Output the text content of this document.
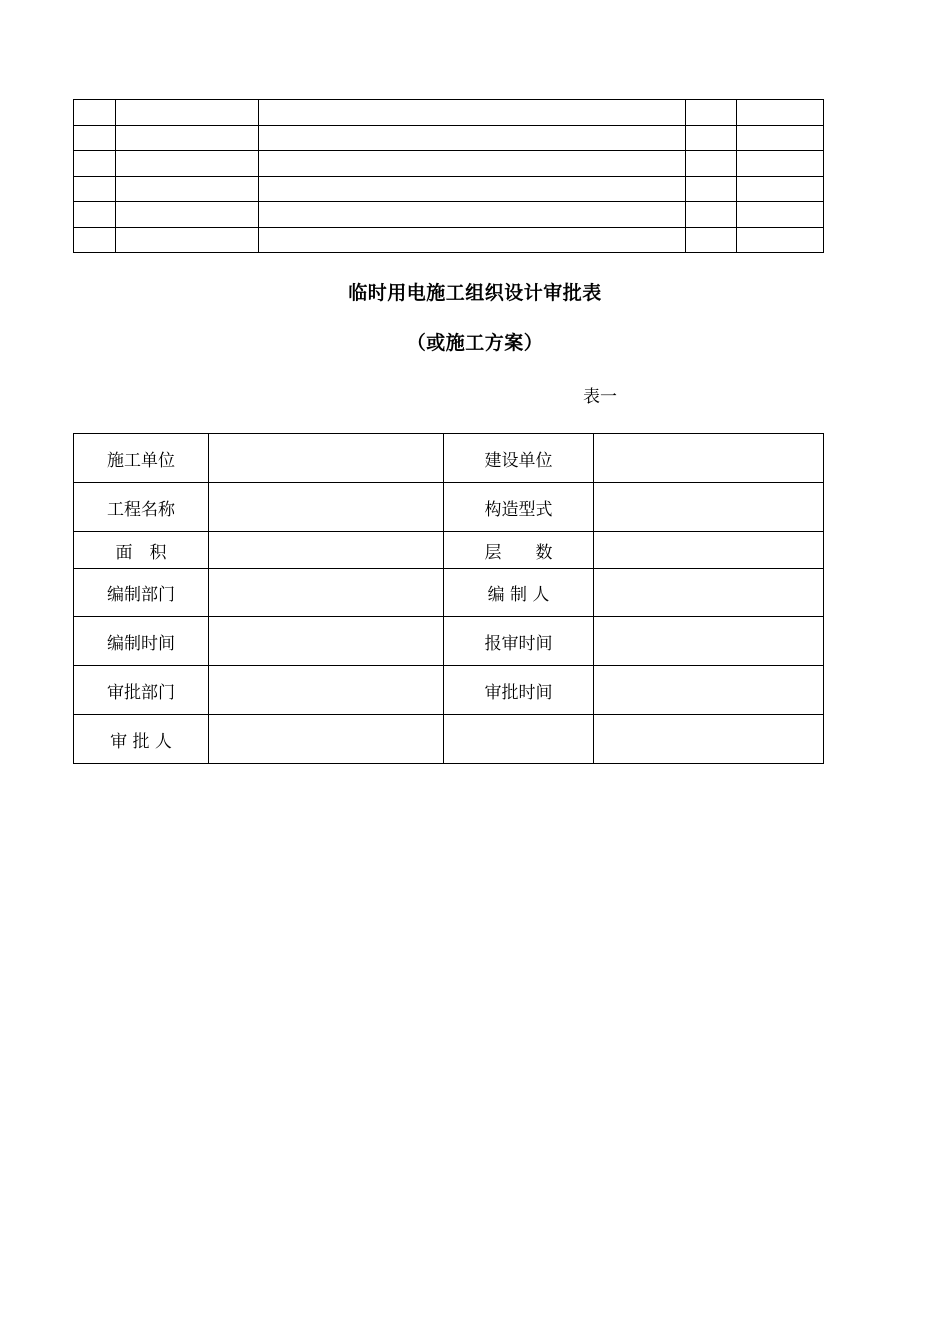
临时用电施工组织设计审批表
（或施工方案）
表一
施工单位		建设单位	
工程名称		构造型式	
面　积		层　　数	
编制部门		编 制 人	
编制时间		报审时间	
审批部门		审批时间	
审 批 人			
